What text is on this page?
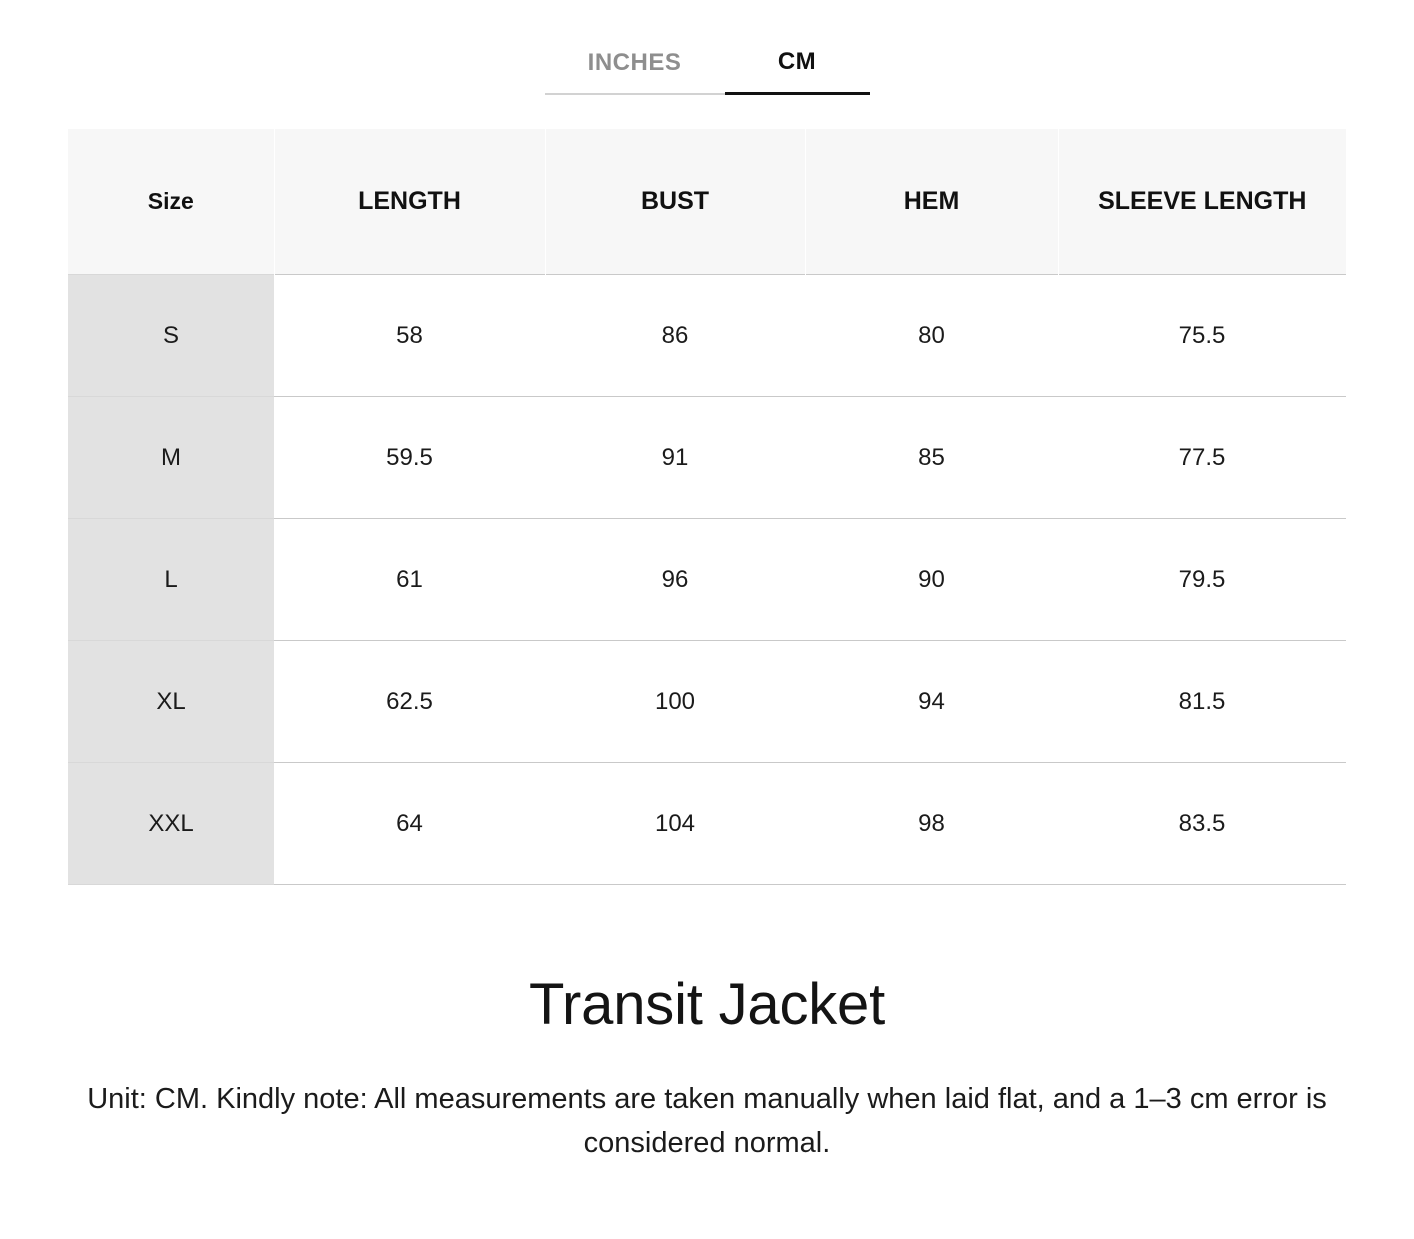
INCHES	CM
Size	LENGTH	BUST	HEM	SLEEVE LENGTH
S	58	86	80	75.5
M	59.5	91	85	77.5
L	61	96	90	79.5
XL	62.5	100	94	81.5
XXL	64	104	98	83.5
Transit Jacket

Unit: CM. Kindly note: All measurements are taken manually when laid flat, and a 1–3 cm error is considered normal.
